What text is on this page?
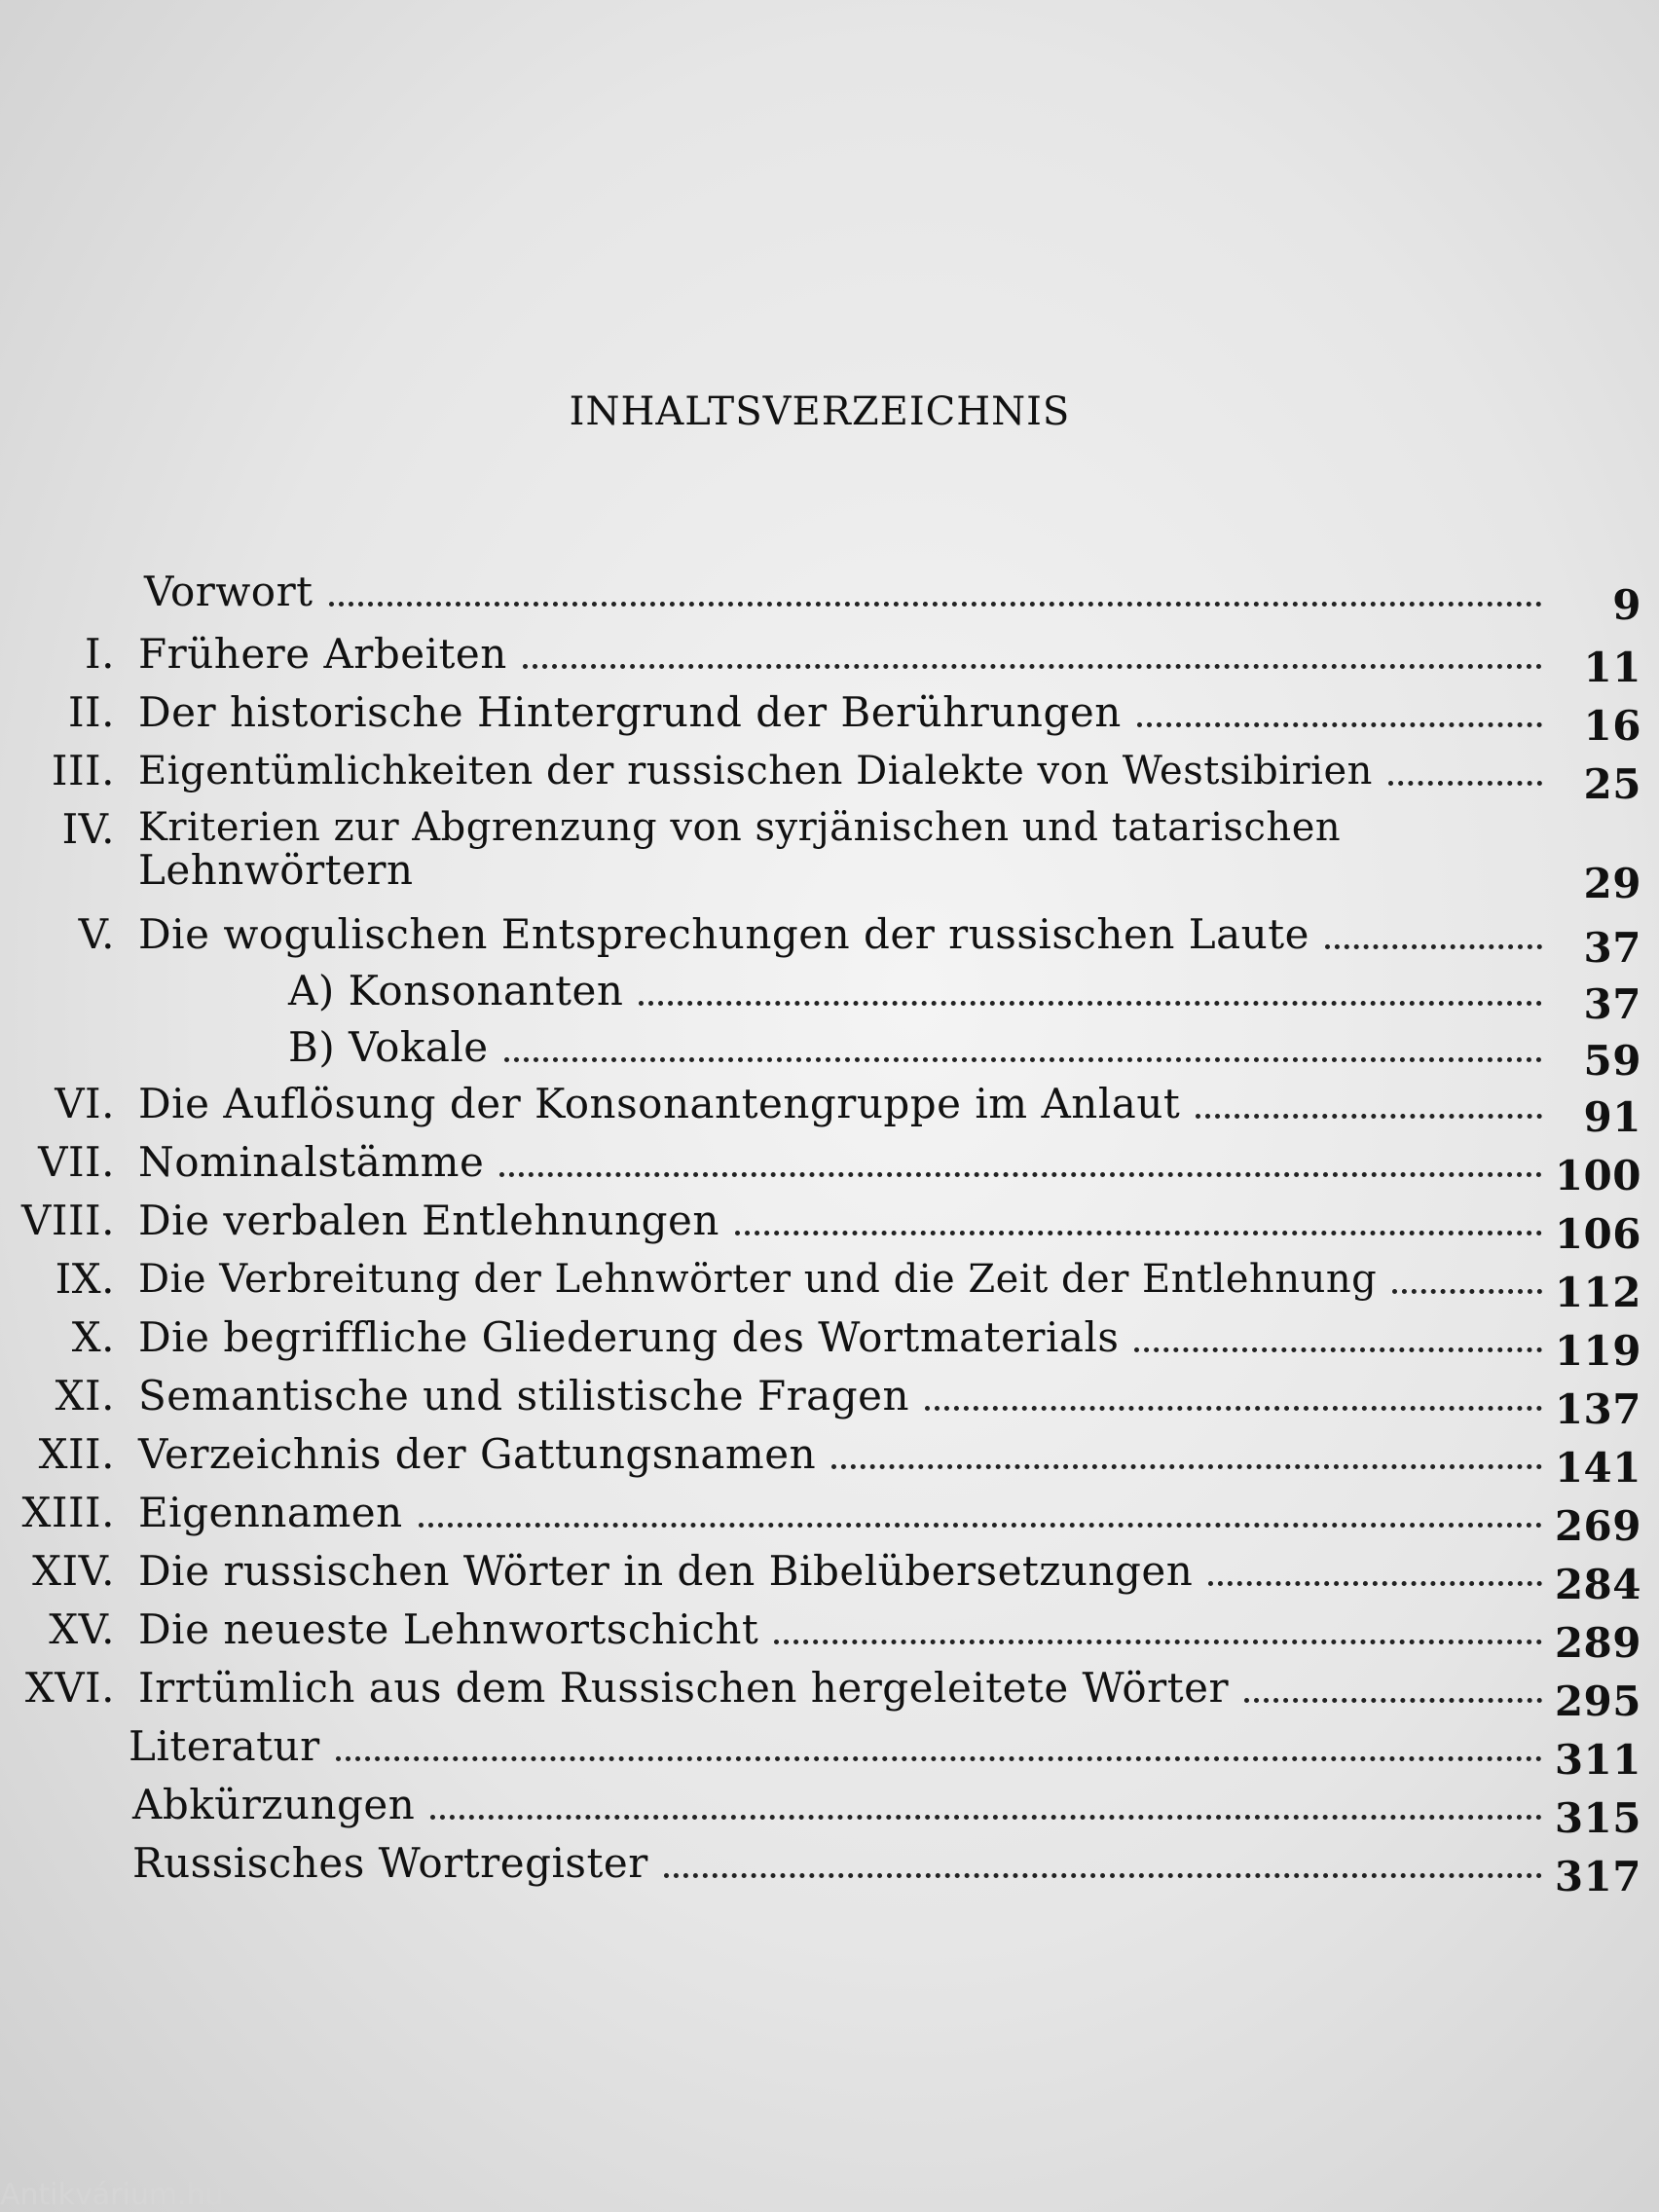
INHALTSVERZEICHNIS
Vorwort	9
I. Frühere Arbeiten	11
II. Der historische Hintergrund der Berührungen	16
III. Eigentümlichkeiten der russischen Dialekte von Westsibirien	25
IV. Kriterien zur Abgrenzung von syrjänischen und tatarischen
Lehnwörtern	29
V. Die wogulischen Entsprechungen der russischen Laute	37
A) Konsonanten	37
B) Vokale	59
VI. Die Auflösung der Konsonantengruppe im Anlaut	91
VII. Nominalstämme	100
VIII. Die verbalen Entlehnungen	106
IX. Die Verbreitung der Lehnwörter und die Zeit der Entlehnung	112
X. Die begriffliche Gliederung des Wortmaterials	119
XI. Semantische und stilistische Fragen	137
XII. Verzeichnis der Gattungsnamen	141
XIII. Eigennamen	269
XIV. Die russischen Wörter in den Bibelübersetzungen	284
XV. Die neueste Lehnwortschicht	289
XVI. Irrtümlich aus dem Russischen hergeleitete Wörter	295
Literatur	311
Abkürzungen	315
Russisches Wortregister	317
Antikvárium.hu
